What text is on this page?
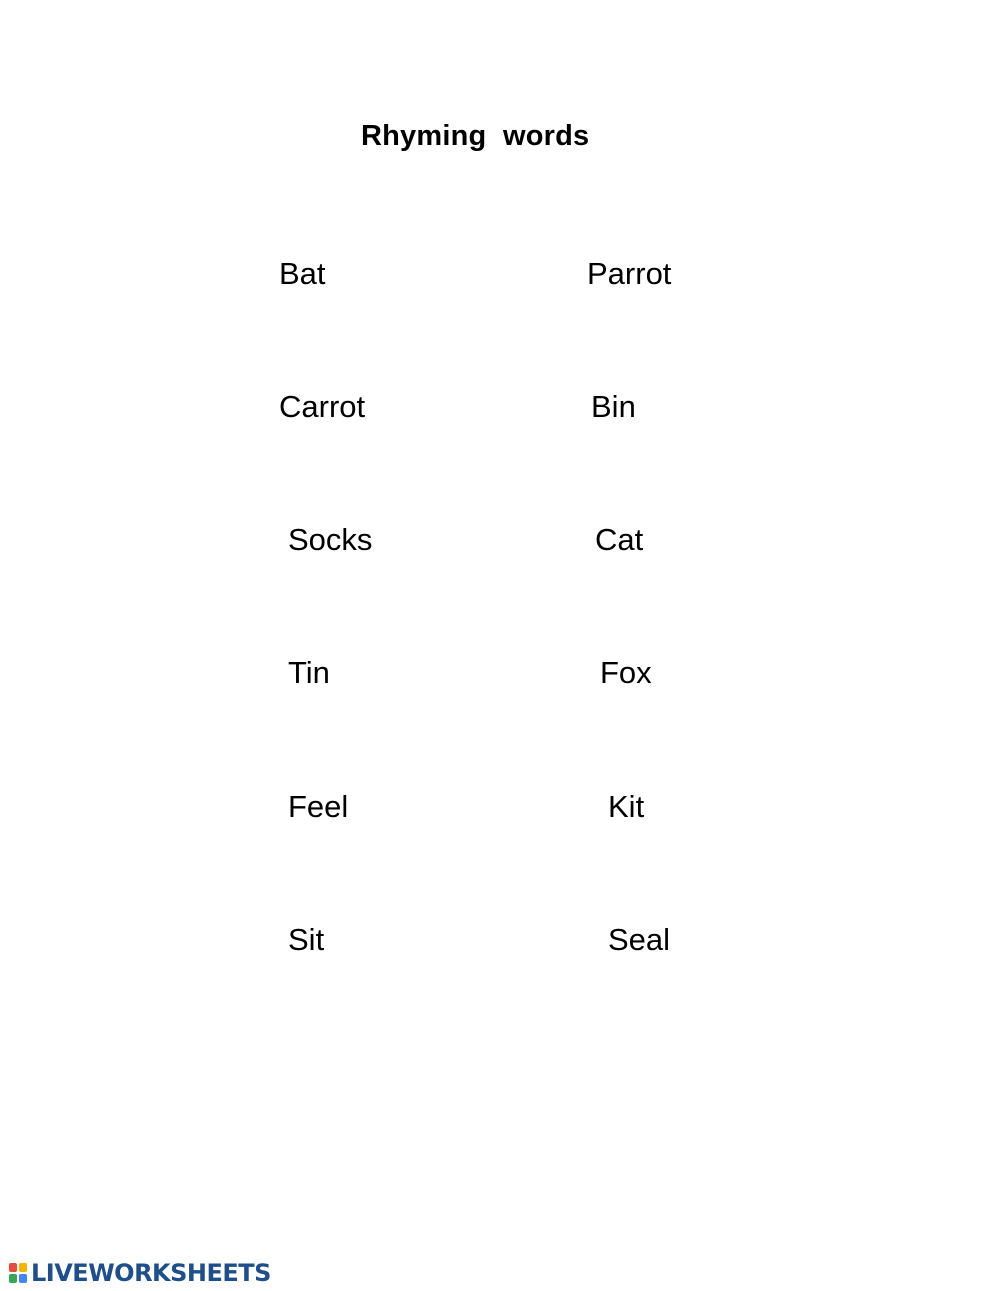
Rhyming  words
Bat
Carrot
Socks
Tin
Feel
Sit
Parrot
Bin
Cat
Fox
Kit
Seal
LIVEWORKSHEETS
